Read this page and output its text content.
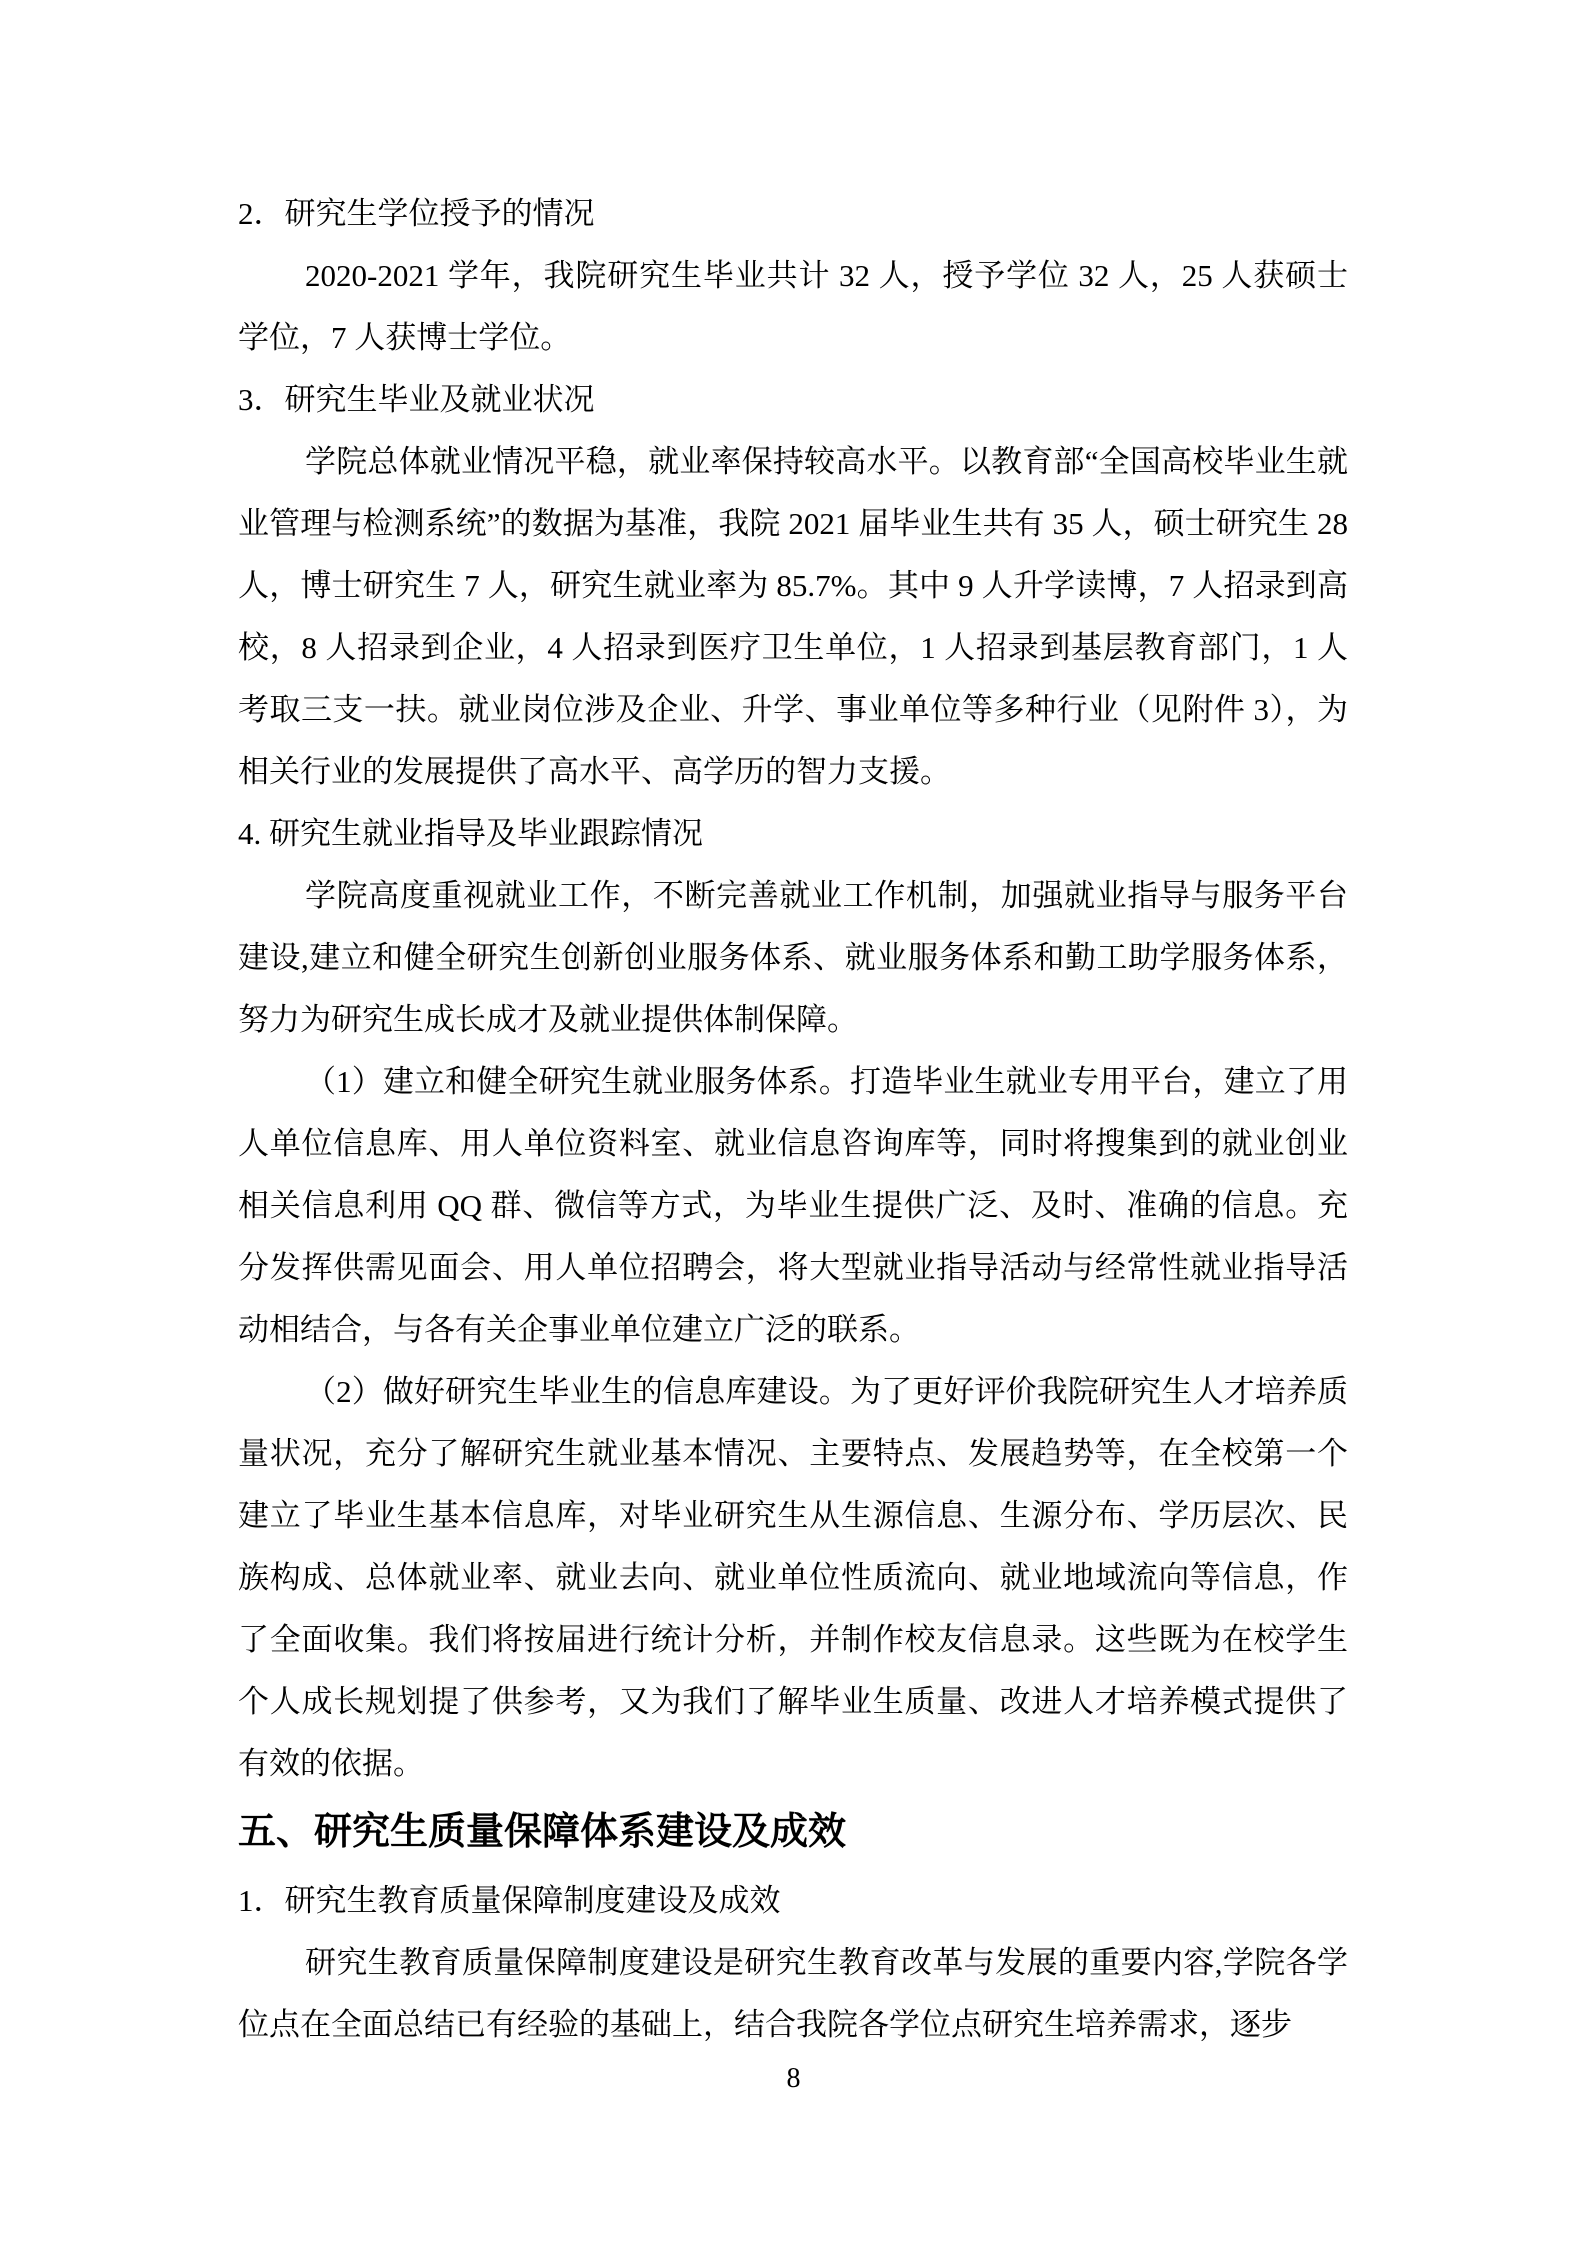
2．研究生学位授予的情况

2020-2021 学年，我院研究生毕业共计 32 人，授予学位 32 人，25 人获硕士学位，7 人获博士学位。

3．研究生毕业及就业状况

学院总体就业情况平稳，就业率保持较高水平。以教育部“全国高校毕业生就业管理与检测系统”的数据为基准，我院 2021 届毕业生共有 35 人，硕士研究生 28 人，博士研究生 7 人，研究生就业率为 85.7%。其中 9 人升学读博，7 人招录到高校，8 人招录到企业，4 人招录到医疗卫生单位，1 人招录到基层教育部门，1 人考取三支一扶。就业岗位涉及企业、升学、事业单位等多种行业（见附件 3），为相关行业的发展提供了高水平、高学历的智力支援。

4. 研究生就业指导及毕业跟踪情况

学院高度重视就业工作，不断完善就业工作机制，加强就业指导与服务平台建设,建立和健全研究生创新创业服务体系、就业服务体系和勤工助学服务体系，努力为研究生成长成才及就业提供体制保障。

（1）建立和健全研究生就业服务体系。打造毕业生就业专用平台，建立了用人单位信息库、用人单位资料室、就业信息咨询库等，同时将搜集到的就业创业相关信息利用 QQ 群、微信等方式，为毕业生提供广泛、及时、准确的信息。充分发挥供需见面会、用人单位招聘会，将大型就业指导活动与经常性就业指导活动相结合，与各有关企事业单位建立广泛的联系。

（2）做好研究生毕业生的信息库建设。为了更好评价我院研究生人才培养质量状况，充分了解研究生就业基本情况、主要特点、发展趋势等，在全校第一个建立了毕业生基本信息库，对毕业研究生从生源信息、生源分布、学历层次、民族构成、总体就业率、就业去向、就业单位性质流向、就业地域流向等信息，作了全面收集。我们将按届进行统计分析，并制作校友信息录。这些既为在校学生个人成长规划提了供参考，又为我们了解毕业生质量、改进人才培养模式提供了有效的依据。

五、研究生质量保障体系建设及成效

1．研究生教育质量保障制度建设及成效

研究生教育质量保障制度建设是研究生教育改革与发展的重要内容,学院各学位点在全面总结已有经验的基础上，结合我院各学位点研究生培养需求，逐步

8
